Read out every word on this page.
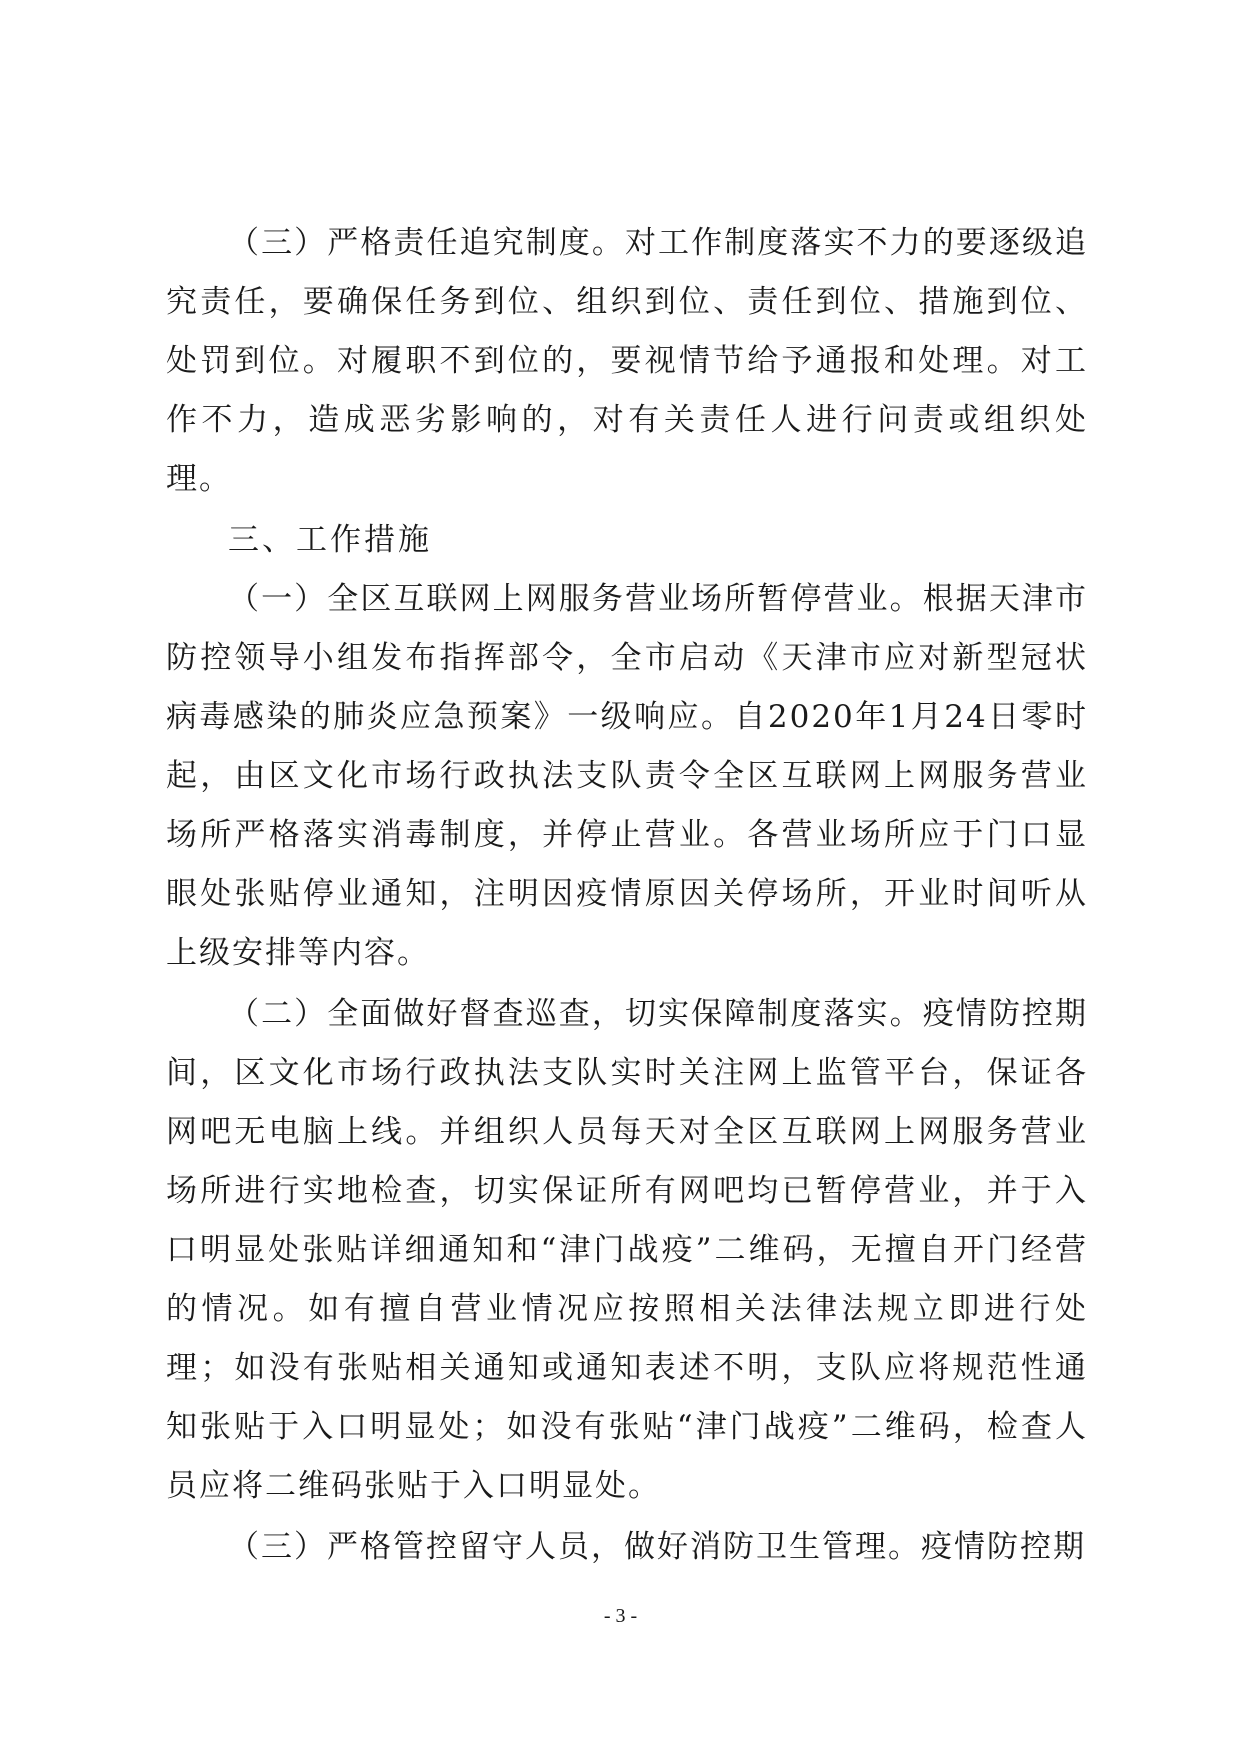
（三）严格责任追究制度。对工作制度落实不力的要逐级追究责任，要确保任务到位、组织到位、责任到位、措施到位、处罚到位。对履职不到位的，要视情节给予通报和处理。对工作不力，造成恶劣影响的，对有关责任人进行问责或组织处理。

三、工作措施

（一）全区互联网上网服务营业场所暂停营业。根据天津市防控领导小组发布指挥部令，全市启动《天津市应对新型冠状病毒感染的肺炎应急预案》一级响应。自2020年1月24日零时起，由区文化市场行政执法支队责令全区互联网上网服务营业场所严格落实消毒制度，并停止营业。各营业场所应于门口显眼处张贴停业通知，注明因疫情原因关停场所，开业时间听从上级安排等内容。

（二）全面做好督查巡查，切实保障制度落实。疫情防控期间，区文化市场行政执法支队实时关注网上监管平台，保证各网吧无电脑上线。并组织人员每天对全区互联网上网服务营业场所进行实地检查，切实保证所有网吧均已暂停营业，并于入口明显处张贴详细通知和“津门战疫”二维码，无擅自开门经营的情况。如有擅自营业情况应按照相关法律法规立即进行处理；如没有张贴相关通知或通知表述不明，支队应将规范性通知张贴于入口明显处；如没有张贴“津门战疫”二维码，检查人员应将二维码张贴于入口明显处。

（三）严格管控留守人员，做好消防卫生管理。疫情防控期

- 3 -
